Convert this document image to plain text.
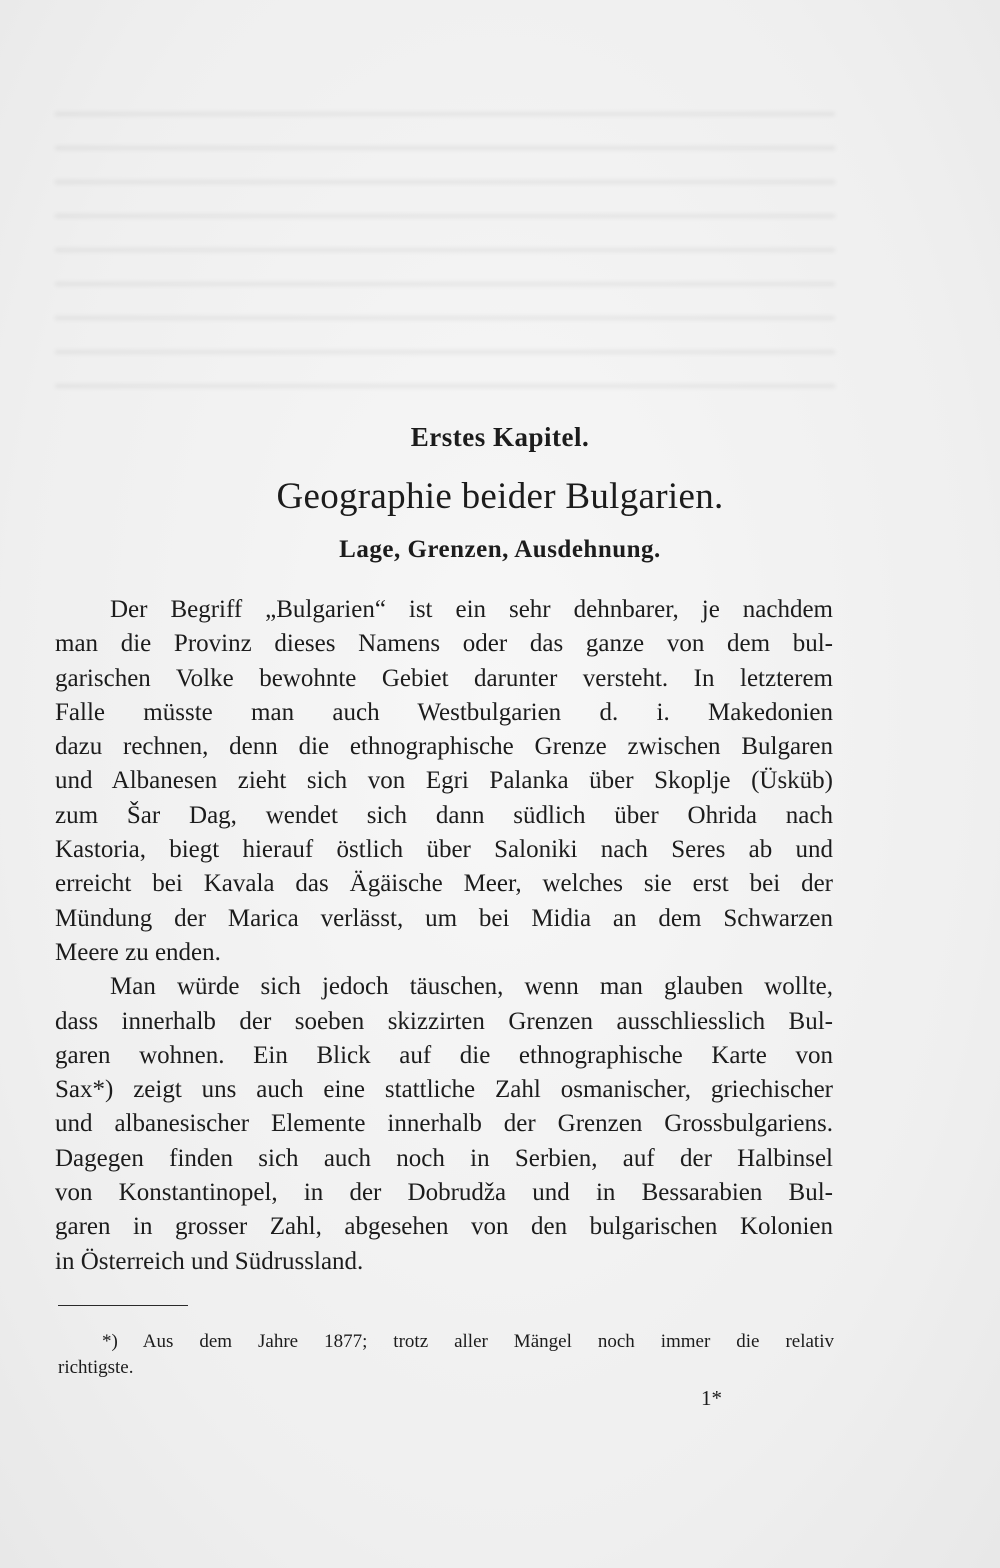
Erstes Kapitel.
Geographie beider Bulgarien.
Lage, Grenzen, Ausdehnung.
Der Begriff „Bulgarien“ ist ein sehr dehnbarer, je nachdem
man die Provinz dieses Namens oder das ganze von dem bul-
garischen Volke bewohnte Gebiet darunter versteht. In letzterem
Falle müsste man auch Westbulgarien d. i. Makedonien
dazu rechnen, denn die ethnographische Grenze zwischen Bulgaren
und Albanesen zieht sich von Egri Palanka über Skoplje (Üsküb)
zum Šar Dag, wendet sich dann südlich über Ohrida nach
Kastoria, biegt hierauf östlich über Saloniki nach Seres ab und
erreicht bei Kavala das Ägäische Meer, welches sie erst bei der
Mündung der Marica verlässt, um bei Midia an dem Schwarzen
Meere zu enden.
Man würde sich jedoch täuschen, wenn man glauben wollte,
dass innerhalb der soeben skizzirten Grenzen ausschliesslich Bul-
garen wohnen. Ein Blick auf die ethnographische Karte von
Sax*) zeigt uns auch eine stattliche Zahl osmanischer, griechischer
und albanesischer Elemente innerhalb der Grenzen Grossbulgariens.
Dagegen finden sich auch noch in Serbien, auf der Halbinsel
von Konstantinopel, in der Dobrudža und in Bessarabien Bul-
garen in grosser Zahl, abgesehen von den bulgarischen Kolonien
in Österreich und Südrussland.
*) Aus dem Jahre 1877; trotz aller Mängel noch immer die relativ
richtigste.
1*
